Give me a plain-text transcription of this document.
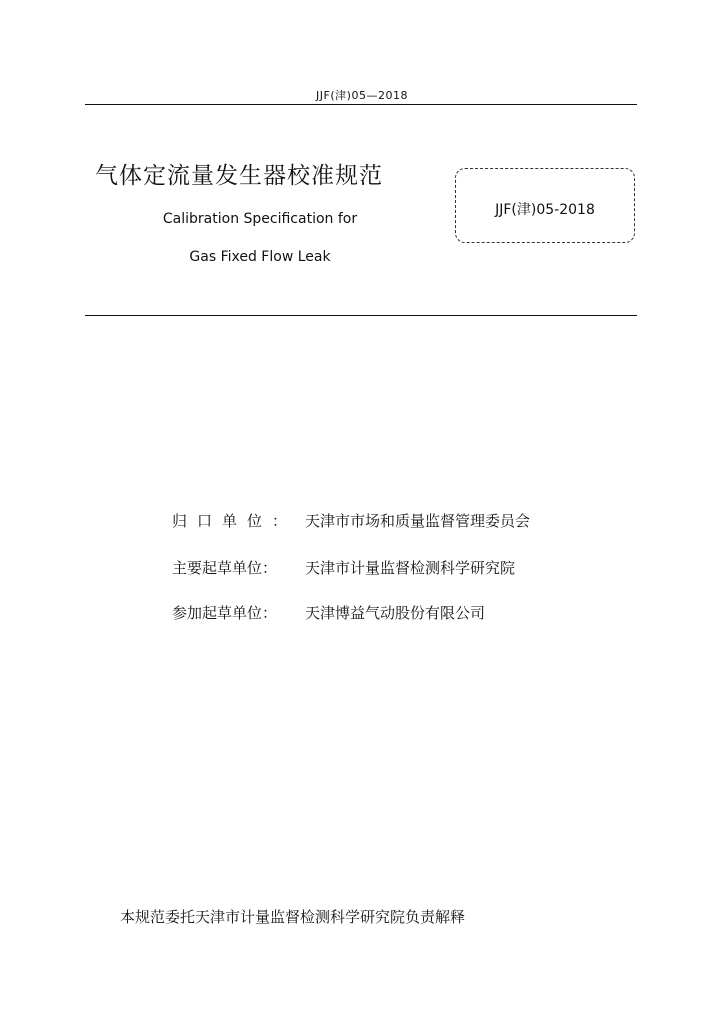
JJF(津)05—2018
气体定流量发生器校准规范
Calibration Specification for
Gas Fixed Flow Leak
JJF(津)05-2018
归口单位： 天津市市场和质量监督管理委员会
主要起草单位： 天津市计量监督检测科学研究院
参加起草单位： 天津博益气动股份有限公司
本规范委托天津市计量监督检测科学研究院负责解释
